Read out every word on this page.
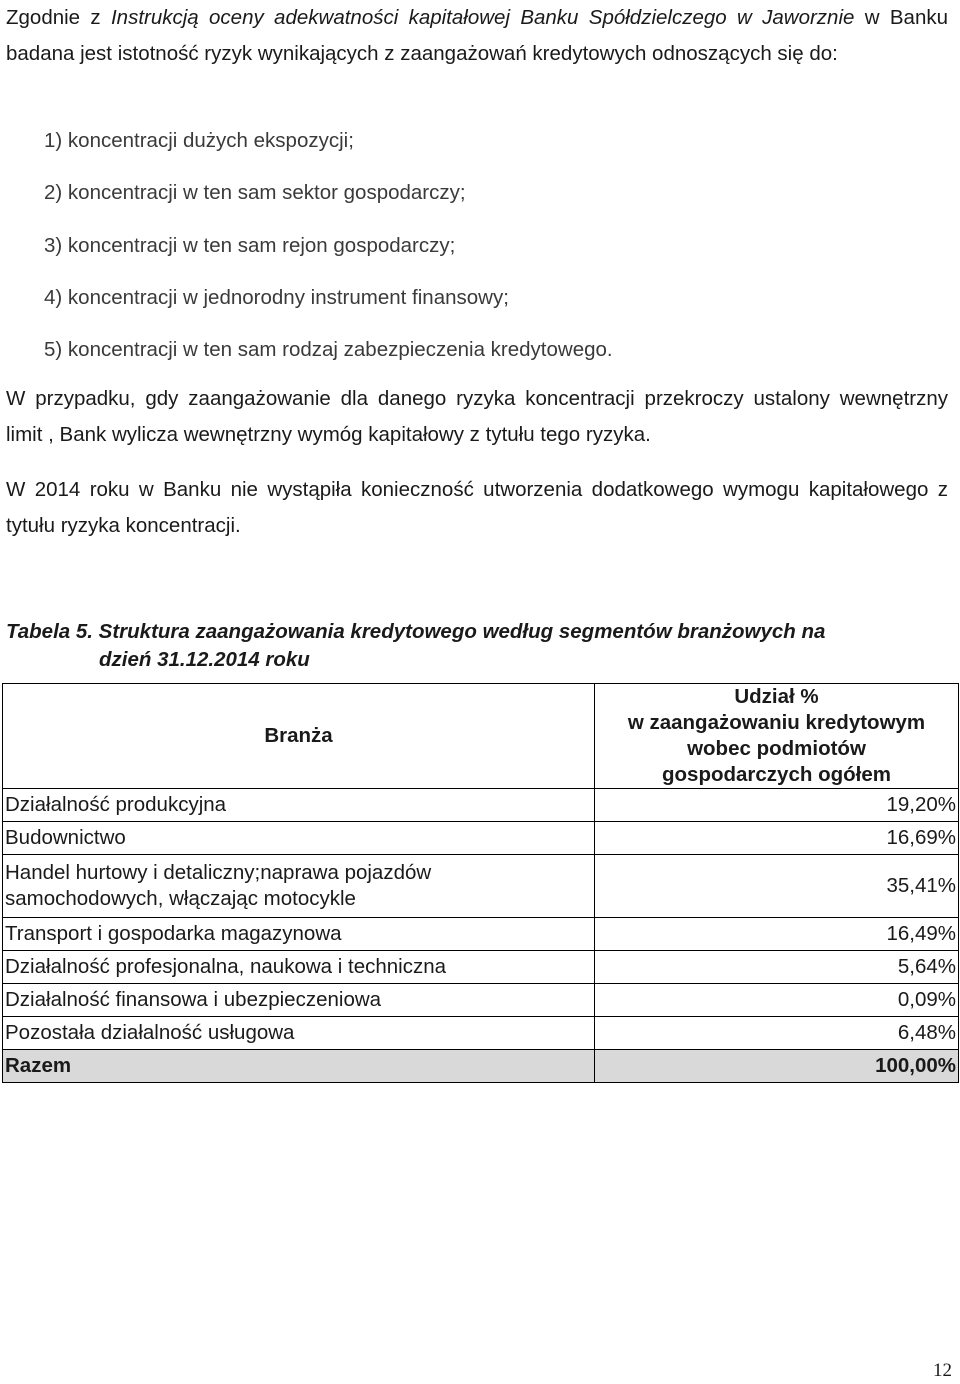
Zgodnie z Instrukcją oceny adekwatności kapitałowej Banku Spółdzielczego w Jaworznie w Banku badana jest istotność ryzyk wynikających z zaangażowań kredytowych odnoszących się do:

1) koncentracji dużych ekspozycji;

2) koncentracji w ten sam sektor gospodarczy;

3) koncentracji w ten sam rejon gospodarczy;

4) koncentracji w jednorodny instrument finansowy;

5) koncentracji w ten sam rodzaj zabezpieczenia kredytowego.

W przypadku, gdy zaangażowanie dla danego ryzyka koncentracji przekroczy ustalony wewnętrzny limit , Bank wylicza wewnętrzny wymóg kapitałowy z tytułu tego ryzyka.

W 2014 roku w Banku nie wystąpiła konieczność utworzenia dodatkowego wymogu kapitałowego z tytułu ryzyka koncentracji.

Tabela 5. Struktura zaangażowania kredytowego według segmentów branżowych na
dzień 31.12.2014 roku
Branża	Udział %
w zaangażowaniu kredytowym
wobec podmiotów
gospodarczych ogółem

Działalność produkcyjna	19,20%
Budownictwo	16,69%

Handel hurtowy i detaliczny;naprawa pojazdów
samochodowych, włączając motocykle	35,41%
Transport i gospodarka magazynowa	16,49%
Działalność profesjonalna, naukowa i techniczna	5,64%
Działalność finansowa i ubezpieczeniowa	0,09%
Pozostała działalność usługowa	6,48%
Razem	100,00%
12
